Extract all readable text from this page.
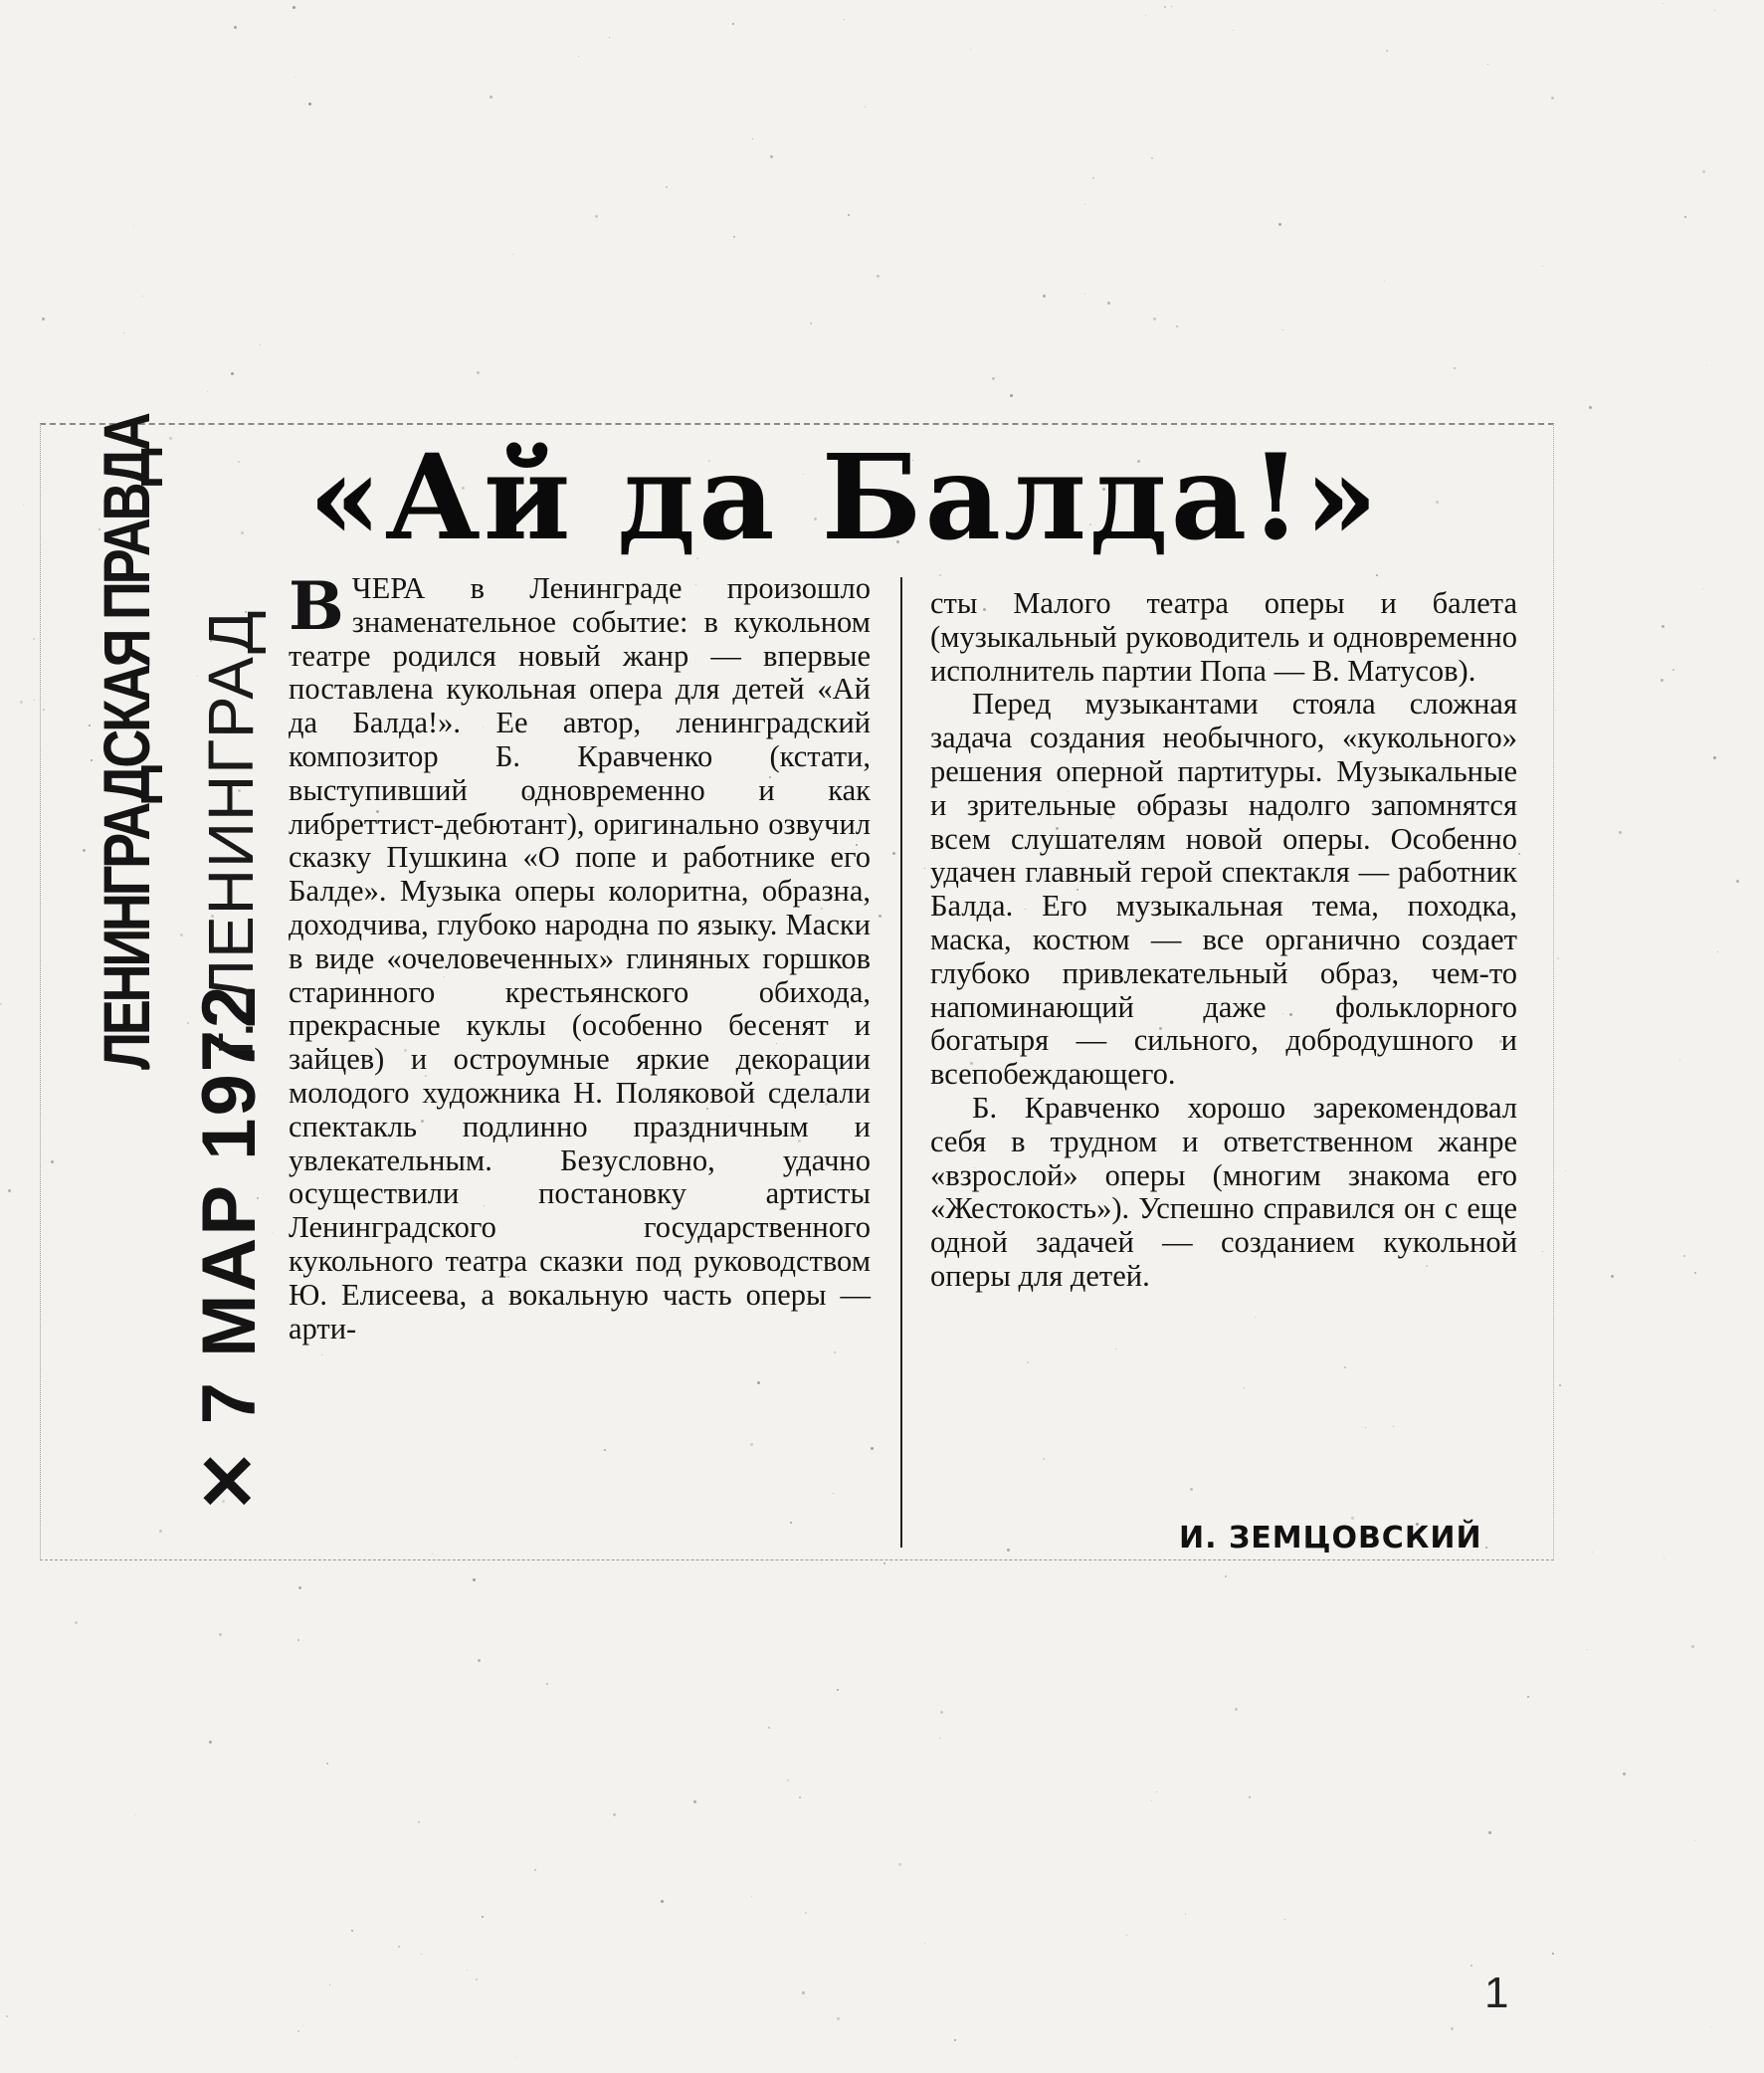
✕ 7 МАР 1972
ЛЕНИНГРАДСКАЯ ПРАВДА г. ЛЕНИНГРАД
«Ай да Балда!»

ВЧЕРА в Ленинграде произошло знаменательное событие: в кукольном театре родился новый жанр — впервые поставлена кукольная опера для детей «Ай да Балда!». Ее автор, ленинградский композитор Б. Кравченко (кстати, выступивший одновременно и как либреттист-дебютант), оригинально озвучил сказку Пушкина «О попе и работнике его Балде». Музыка оперы колоритна, образна, доходчива, глубоко народна по языку. Маски в виде «очеловеченных» глиняных горшков старинного крестьянского обихода, прекрасные куклы (особенно бесенят и зайцев) и остроумные яркие декорации молодого художника Н. Поляковой сделали спектакль подлинно праздничным и увлекательным. Безусловно, удачно осуществили постановку артисты Ленинградского государственного кукольного театра сказки под руководством Ю. Елисеева, а вокальную часть оперы — арти-

сты Малого театра оперы и балета (музыкальный руководитель и одновременно исполнитель партии Попа — В. Матусов).

Перед музыкантами стояла сложная задача создания необычного, «кукольного» решения оперной партитуры. Музыкальные и зрительные образы надолго запомнятся всем слушателям новой оперы. Особенно удачен главный герой спектакля — работник Балда. Его музыкальная тема, походка, маска, костюм — все органично создает глубоко привлекательный образ, чем-то напоминающий даже фольклорного богатыря — сильного, добродушного и всепобеждающего.

Б. Кравченко хорошо зарекомендовал себя в трудном и ответственном жанре «взрослой» оперы (многим знакома его «Жестокость»). Успешно справился он с еще одной задачей — созданием кукольной оперы для детей.

И. ЗЕМЦОВСКИЙ
1
